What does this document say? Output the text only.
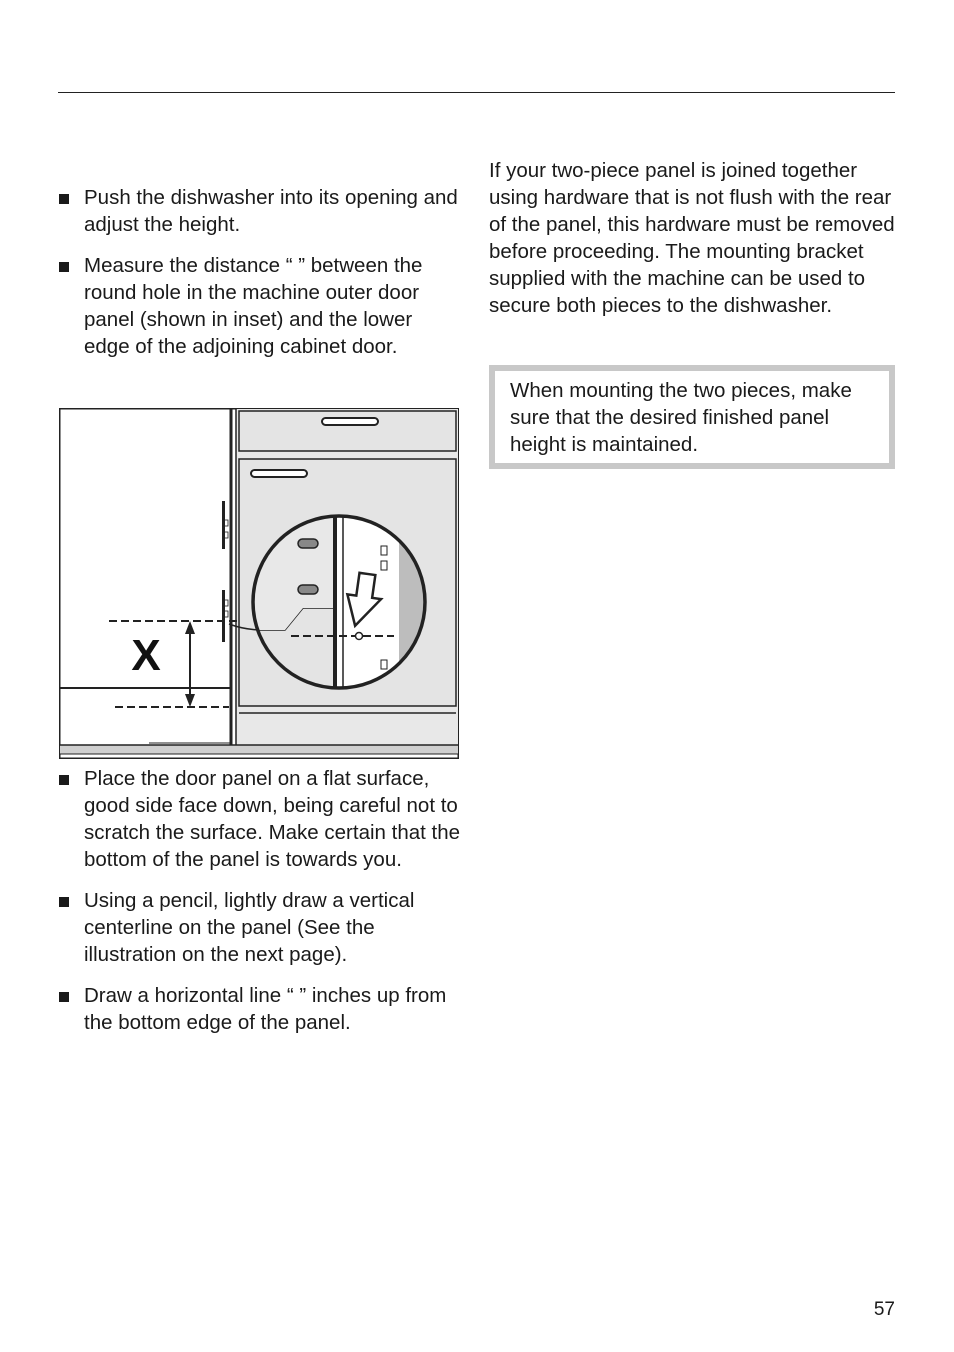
Push the dishwasher into its opening and adjust the height.
Measure the distance “ ” between the round hole in the machine outer door panel (shown in inset) and the lower edge of the adjoining cabinet door.
X
Place the door panel on a flat surface, good side face down, being careful not to scratch the surface. Make certain that the bottom of the panel is towards you.
Using a pencil, lightly draw a vertical centerline on the panel (See the illustration on the next page).
Draw a horizontal line “ ” inches up from the bottom edge of the panel.
If your two-piece panel is joined together using hardware that is not flush with the rear of the panel, this hardware must be removed before proceeding. The mounting bracket supplied with the machine can be used to secure both pieces to the dishwasher.
When mounting the two pieces, make sure that the desired finished panel height is maintained.
57
